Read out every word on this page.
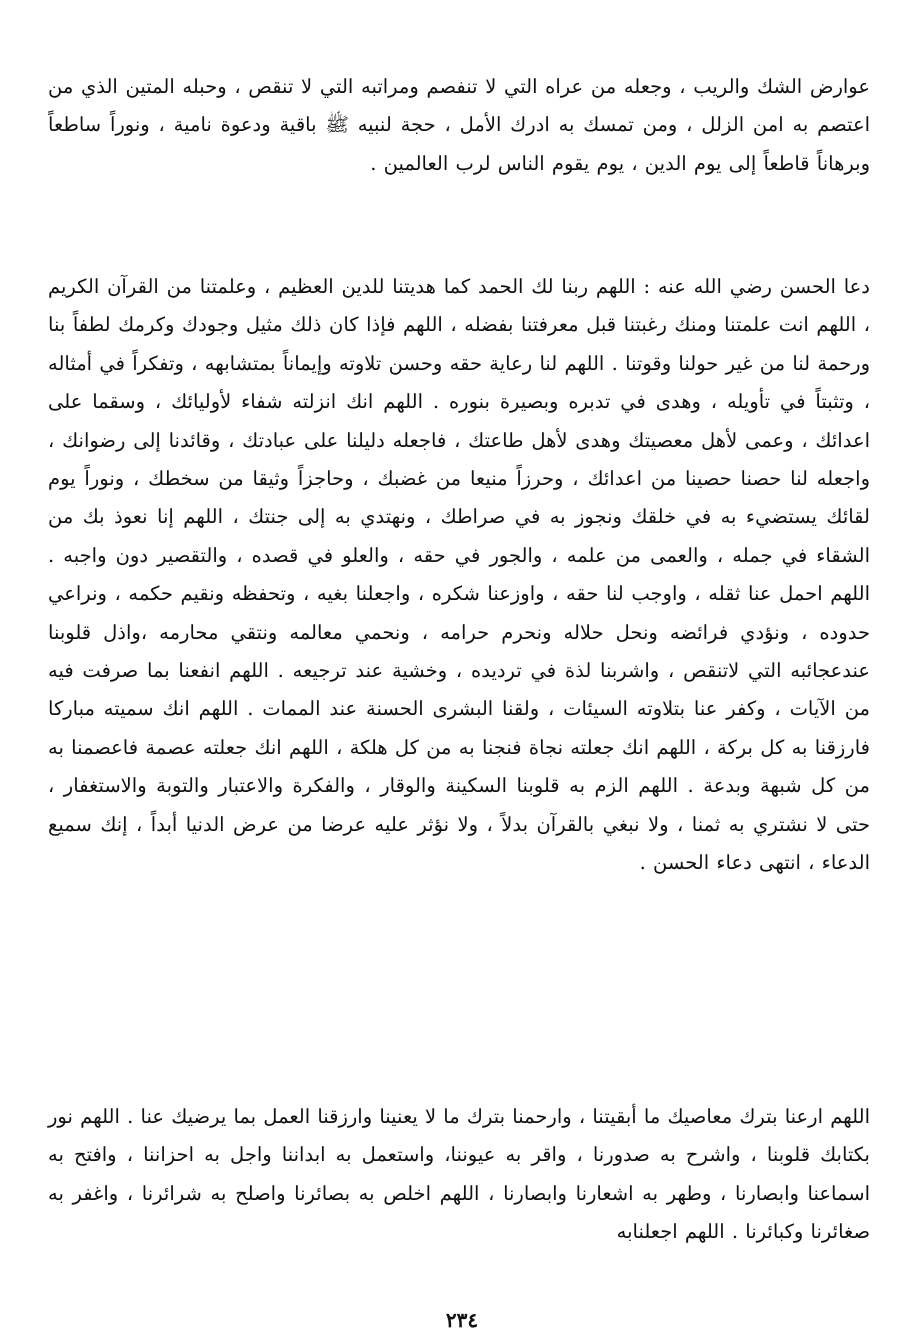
عوارض الشك والريب ، وجعله من عراه التي لا تنفصم ومراتبه التي لا تنقص ، وحبله المتين الذي من اعتصم به امن الزلل ، ومن تمسك به ادرك الأمل ، حجة لنبيه ﷺ باقية ودعوة نامية ، ونوراً ساطعاً وبرهاناً قاطعاً إلى يوم الدين ، يوم يقوم الناس لرب العالمين .

دعا الحسن رضي الله عنه : اللهم ربنا لك الحمد كما هديتنا للدين العظيم ، وعلمتنا من القرآن الكريم ، اللهم انت علمتنا ومنك رغبتنا قبل معرفتنا بفضله ، اللهم فإذا كان ذلك مثيل وجودك وكرمك لطفاً بنا ورحمة لنا من غير حولنا وقوتنا . اللهم لنا رعاية حقه وحسن تلاوته وإيماناً بمتشابهه ، وتفكراً في أمثاله ، وتثبتاً في تأويله ، وهدى في تدبره وبصيرة بنوره . اللهم انك انزلته شفاء لأوليائك ، وسقما على اعدائك ، وعمى لأهل معصيتك وهدى لأهل طاعتك ، فاجعله دليلنا على عبادتك ، وقائدنا إلى رضوانك ، واجعله لنا حصنا حصينا من اعدائك ، وحرزاً منيعا من غضبك ، وحاجزاً وثيقا من سخطك ، ونوراً يوم لقائك يستضيء به في خلقك ونجوز به في صراطك ، ونهتدي به إلى جنتك ، اللهم إنا نعوذ بك من الشقاء في جمله ، والعمى من علمه ، والجور في حقه ، والعلو في قصده ، والتقصير دون واجبه . اللهم احمل عنا ثقله ، واوجب لنا حقه ، واوزعنا شكره ، واجعلنا بغيه ، وتحفظه ونقيم حكمه ، ونراعي حدوده ، ونؤدي فرائضه ونحل حلاله ونحرم حرامه ، ونحمي معالمه ونتقي محارمه ،واذل قلوبنا عندعجائبه التي لاتنقص ، واشربنا لذة في ترديده ، وخشية عند ترجيعه . اللهم انفعنا بما صرفت فيه من الآيات ، وكفر عنا بتلاوته السيئات ، ولقنا البشرى الحسنة عند الممات . اللهم انك سميته مباركا فارزقنا به كل بركة ، اللهم انك جعلته نجاة فنجنا به من كل هلكة ، اللهم انك جعلته عصمة فاعصمنا به من كل شبهة وبدعة . اللهم الزم به قلوبنا السكينة والوقار ، والفكرة والاعتبار والتوبة والاستغفار ، حتى لا نشتري به ثمنا ، ولا نبغي بالقرآن بدلاً ، ولا نؤثر عليه عرضا من عرض الدنيا أبداً ، إنك سميع الدعاء ، انتهى دعاء الحسن .

اللهم ارعنا بترك معاصيك ما أبقيتنا ، وارحمنا بترك ما لا يعنينا وارزقنا العمل بما يرضيك عنا . اللهم نور بكتابك قلوبنا ، واشرح به صدورنا ، واقر به عيوننا، واستعمل به ابداننا واجل به احزاننا ، وافتح به اسماعنا وابصارنا ، وطهر به اشعارنا وابصارنا ، اللهم اخلص به بصائرنا واصلح به شرائرنا ، واغفر به صغائرنا وكبائرنا . اللهم اجعلنابه

٢٣٤
